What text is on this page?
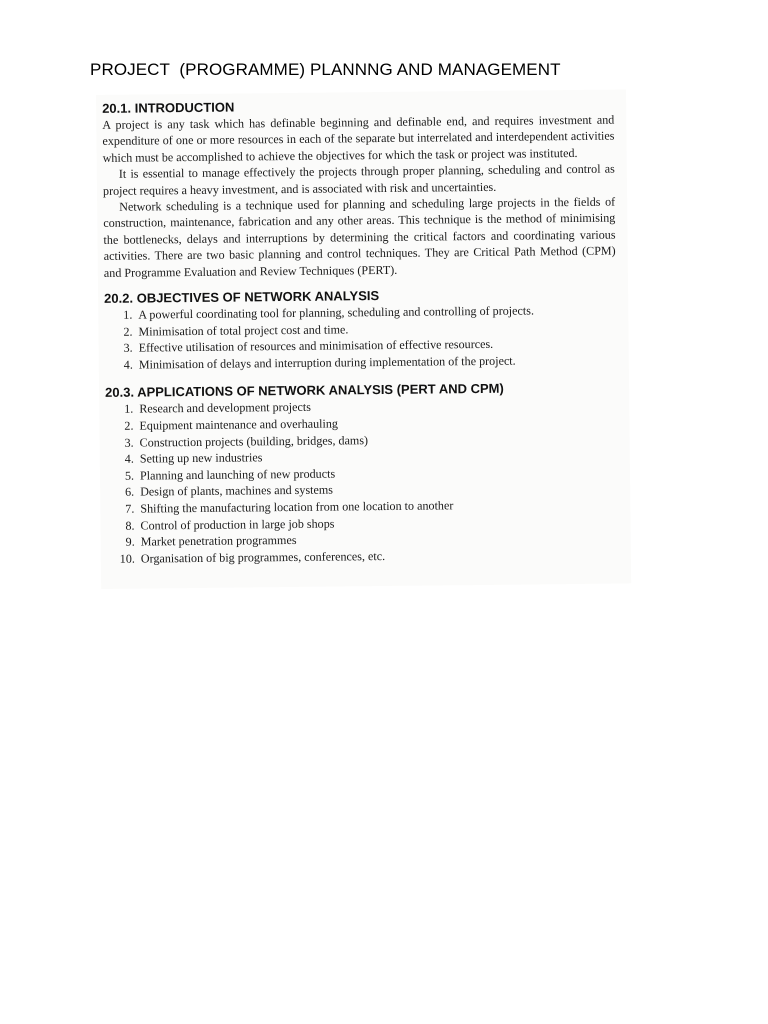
PROJECT  (PROGRAMME) PLANNNG AND MANAGEMENT

20.1. INTRODUCTION

A project is any task which has definable beginning and definable end, and requires investment and expenditure of one or more resources in each of the separate but interrelated and interdependent activities which must be accomplished to achieve the objectives for which the task or project was instituted.

It is essential to manage effectively the projects through proper planning, scheduling and control as project requires a heavy investment, and is associated with risk and uncertainties.

Network scheduling is a technique used for planning and scheduling large projects in the fields of construction, maintenance, fabrication and any other areas. This technique is the method of minimising the bottlenecks, delays and interruptions by determining the critical factors and coordinating various activities. There are two basic planning and control techniques. They are Critical Path Method (CPM) and Programme Evaluation and Review Techniques (PERT).

20.2. OBJECTIVES OF NETWORK ANALYSIS

1. A powerful coordinating tool for planning, scheduling and controlling of projects.
2. Minimisation of total project cost and time.
3. Effective utilisation of resources and minimisation of effective resources.
4. Minimisation of delays and interruption during implementation of the project.

20.3. APPLICATIONS OF NETWORK ANALYSIS (PERT AND CPM)

1. Research and development projects
2. Equipment maintenance and overhauling
3. Construction projects (building, bridges, dams)
4. Setting up new industries
5. Planning and launching of new products
6. Design of plants, machines and systems
7. Shifting the manufacturing location from one location to another
8. Control of production in large job shops
9. Market penetration programmes
10. Organisation of big programmes, conferences, etc.
